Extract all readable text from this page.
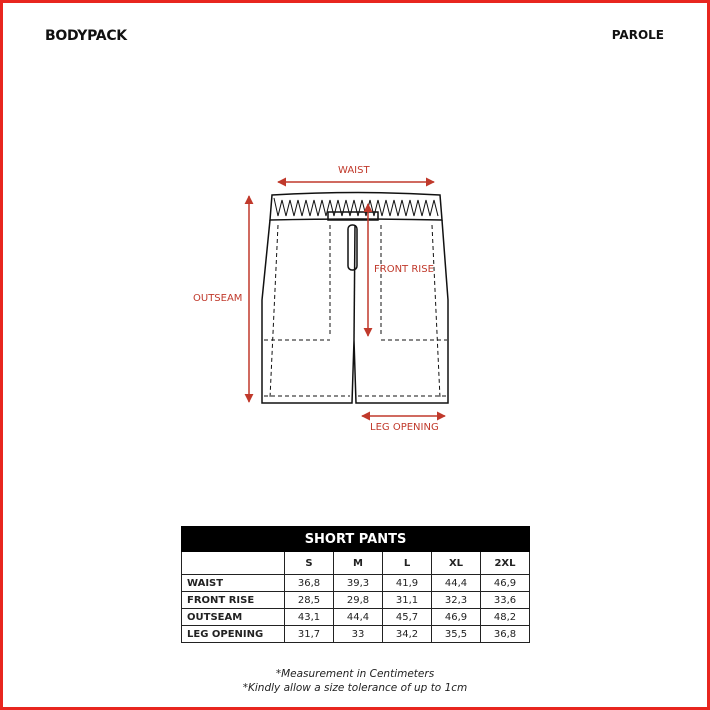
BODYPACK	PAROLE
WAIST
FRONT RISE
OUTSEAM
LEG OPENING
SHORT PANTS					
	S	M	L	XL	2XL
WAIST	36,8	39,3	41,9	44,4	46,9
FRONT RISE	28,5	29,8	31,1	32,3	33,6
OUTSEAM	43,1	44,4	45,7	46,9	48,2
LEG OPENING	31,7	33	34,2	35,5	36,8
*Measurement in Centimeters
*Kindly allow a size tolerance of up to 1cm
